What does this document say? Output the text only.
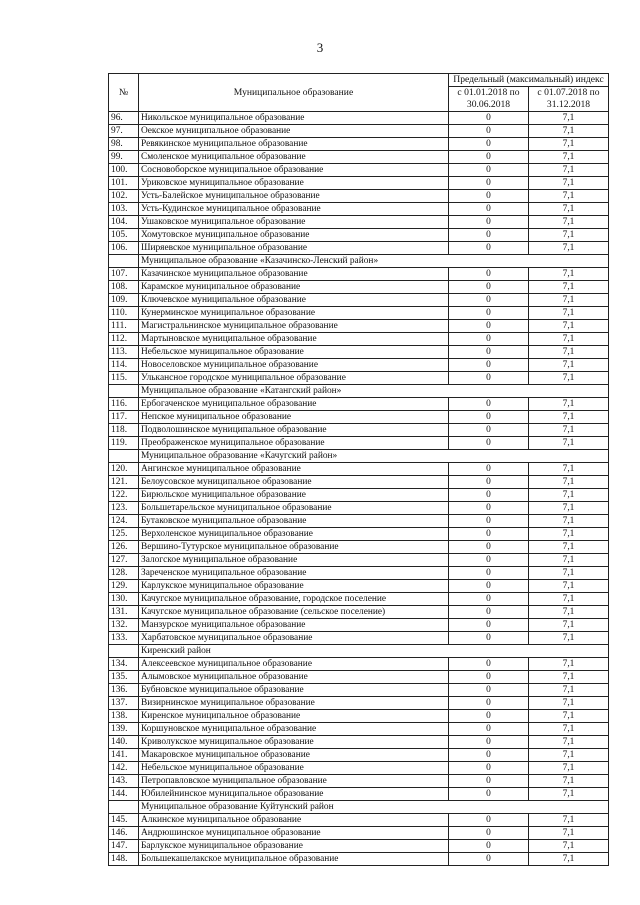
3
№	Муниципальное образование	Предельный (максимальный) индекс	
		с 01.01.2018 по 30.06.2018	с 01.07.2018 по 31.12.2018
96.	Никольское муниципальное образование	0	7,1
97.	Оекское муниципальное образование	0	7,1
98.	Ревякинское муниципальное образование	0	7,1
99.	Смоленское муниципальное образование	0	7,1
100.	Сосновоборское муниципальное образование	0	7,1
101.	Уриковское муниципальное образование	0	7,1
102.	Усть-Балейское муниципальное образование	0	7,1
103.	Усть-Кудинское муниципальное образование	0	7,1
104.	Ушаковское муниципальное образование	0	7,1
105.	Хомутовское муниципальное образование	0	7,1
106.	Ширяевское муниципальное образование	0	7,1
	Муниципальное образование «Казачинско-Ленский район»		
107.	Казачинское муниципальное образование	0	7,1
108.	Карамское муниципальное образование	0	7,1
109.	Ключевское муниципальное образование	0	7,1
110.	Кунерминское муниципальное образование	0	7,1
111.	Магистральнинское муниципальное образование	0	7,1
112.	Мартыновское муниципальное образование	0	7,1
113.	Небельское муниципальное образование	0	7,1
114.	Новоселовское муниципальное образование	0	7,1
115.	Улькансное городское муниципальное образование	0	7,1
	Муниципальное образование «Катангский район»		
116.	Ербогаченское муниципальное образование	0	7,1
117.	Непское муниципальное образование	0	7,1
118.	Подволошинское муниципальное образование	0	7,1
119.	Преображенское муниципальное образование	0	7,1
	Муниципальное образование «Качугский район»		
120.	Ангинское муниципальное образование	0	7,1
121.	Белоусовское муниципальное образование	0	7,1
122.	Бирюльское муниципальное образование	0	7,1
123.	Большетарельское муниципальное образование	0	7,1
124.	Бутаковское муниципальное образование	0	7,1
125.	Верхоленское муниципальное образование	0	7,1
126.	Вершино-Тутурское муниципальное образование	0	7,1
127.	Залогское муниципальное образование	0	7,1
128.	Зареченское муниципальное образование	0	7,1
129.	Карлукское муниципальное образование	0	7,1
130.	Качугское муниципальное образование, городское поселение	0	7,1
131.	Качугское муниципальное образование (сельское поселение)	0	7,1
132.	Манзурское муниципальное образование	0	7,1
133.	Харбатовское муниципальное образование	0	7,1
	Киренский район		
134.	Алексеевское муниципальное образование	0	7,1
135.	Алымовское муниципальное образование	0	7,1
136.	Бубновское муниципальное образование	0	7,1
137.	Визирнинское муниципальное образование	0	7,1
138.	Киренское муниципальное образование	0	7,1
139.	Коршуновское муниципальное образование	0	7,1
140.	Криволукское муниципальное образование	0	7,1
141.	Макаровское муниципальное образование	0	7,1
142.	Небельское муниципальное образование	0	7,1
143.	Петропавловское муниципальное образование	0	7,1
144.	Юбилейнинское муниципальное образование	0	7,1
	Муниципальное образование Куйтунский район		
145.	Алкинское муниципальное образование	0	7,1
146.	Андрюшинское муниципальное образование	0	7,1
147.	Барлукское муниципальное образование	0	7,1
148.	Большекашелакское муниципальное образование	0	7,1
